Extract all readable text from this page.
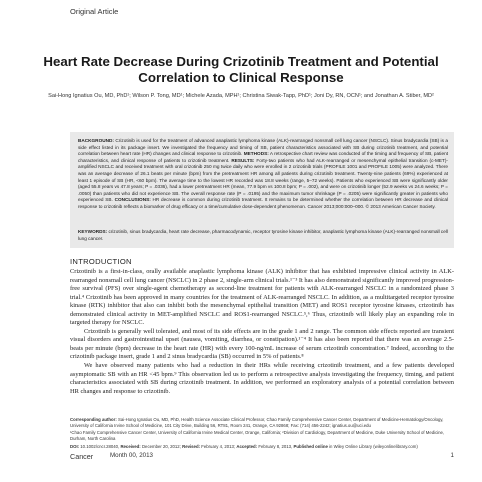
Original Article
Heart Rate Decrease During Crizotinib Treatment and Potential Correlation to Clinical Response
Sai-Hong Ignatius Ou, MD, PhD¹; Wilson P. Tong, MD¹; Michele Azada, MPH¹; Christina Siwak-Tapp, PhD¹; Joni Dy, RN, OCN¹; and Jonathan A. Stiber, MD²
BACKGROUND: Crizotinib is used for the treatment of advanced anaplastic lymphoma kinase (ALK)-rearranged nonsmall cell lung cancer (NSCLC). Sinus bradycardia (SB) is a side effect listed in its package insert. We investigated the frequency and timing of SB, patient characteristics associated with SB during crizotinib treatment, and potential correlation between heart rate (HR) changes and clinical response to crizotinib. METHODS: A retrospective chart review was conducted of the timing and frequency of SB, patient characteristics, and clinical response of patients to crizotinib treatment. RESULTS: Forty-two patients who had ALK-rearranged or mesenchymal epithelial transition (c-MET)-amplified NSCLC and received treatment with oral crizotinib 250 mg twice daily who were enrolled in 2 crizotinib trials (PROFILE 1001 and PROFILE 1005) were analyzed. There was an average decrease of 26.1 beats per minute (bpm) from the pretreatment HR among all patients during crizotinib treatment. Twenty-nine patients (69%) experienced at least 1 episode of SB (HR, <60 bpm). The average time to the lowest HR recorded was 18.8 weeks (range, 5–72 weeks). Patients who experienced SB were significantly older (aged 55.8 years vs 47.8 years; P = .0336), had a lower pretreatment HR (mean, 77.9 bpm vs 100.8 bpm; P = .002), and were on crizotinib longer (52.9 weeks vs 24.6 weeks; P = .0050) than patients who did not experience SB. The overall response rate (P = .0195) and the maximum tumor shrinkage (P = .0205) were significantly greater in patients who experienced SB. CONCLUSIONS: HR decrease is common during crizotinib treatment. It remains to be determined whether the correlation between HR decrease and clinical response to crizotinib reflects a biomarker of drug efficacy or a time/cumulative dose-dependent phenomenon. Cancer 2013;000:000–000. © 2013 American Cancer Society.
KEYWORDS: crizotinib, sinus bradycardia, heart rate decrease, pharmacodynamic, receptor tyrosine kinase inhibitor, anaplastic lymphoma kinase (ALK)-rearranged nonsmall cell lung cancer.
INTRODUCTION

Crizotinib is a first-in-class, orally available anaplastic lymphoma kinase (ALK) inhibitor that has exhibited impressive clinical activity in ALK-rearranged nonsmall cell lung cancer (NSCLC) in 2 phase 2, single-arm clinical trials.¹⁻³ It has also demonstrated significantly improved progression-free survival (PFS) over single-agent chemotherapy as second-line treatment for patients with ALK-rearranged NSCLC in a randomized phase 3 trial.⁴ Crizotinib has been approved in many countries for the treatment of ALK-rearranged NSCLC. In addition, as a multitargeted receptor tyrosine kinase (RTK) inhibitor that also can inhibit both the mesenchymal epithelial transition (MET) and ROS1 receptor tyrosine kinases, crizotinib has demonstrated clinical activity in MET-amplified NSCLC and ROS1-rearranged NSCLC.⁵,⁶ Thus, crizotinib will likely play an expanding role in targeted therapy for NSCLC.

Crizotinib is generally well tolerated, and most of its side effects are in the grade 1 and 2 range. The common side effects reported are transient visual disorders and gastrointestinal upset (nausea, vomiting, diarrhea, or constipation).¹⁻⁴ It has also been reported that there was an average 2.5-beats per minute (bpm) decrease in the heart rate (HR) with every 100-ng/mL increase of serum crizotinib concentration.⁷ Indeed, according to the crizotinib package insert, grade 1 and 2 sinus bradycardia (SB) occurred in 5% of patients.⁸

We have observed many patients who had a reduction in their HRs while receiving crizotinib treatment, and a few patients developed asymptomatic SB with an HR <45 bpm.⁹ This observation led us to perform a retrospective analysis investigating the frequency, timing, and patient characteristics associated with SB during crizotinib treatment. In addition, we performed an exploratory analysis of a potential correlation between HR changes and response to crizotinib.

Corresponding author: Sai-Hong Ignatius Ou, MD, PhD, Health Science Associate Clinical Professor, Chao Family Comprehensive Cancer Center, Department of Medicine-Hematology/Oncology, University of California Irvine School of Medicine, 101 City Drive, Building 56, RT81, Room 241, Orange, CA 92868; Fax: (714) 456-2242; ignatius.ou@uci.edu

¹Chao Family Comprehensive Cancer Center, University of California Irvine Medical Center, Orange, California; ²Division of Cardiology, Department of Medicine, Duke University School of Medicine, Durham, North Carolina

DOI: 10.1002/cncr.28040, Received: December 20, 2012; Revised: February 4, 2013; Accepted: February 8, 2013, Published online in Wiley Online Library (wileyonlinelibrary.com)

Cancer	Month 00, 2013	1
